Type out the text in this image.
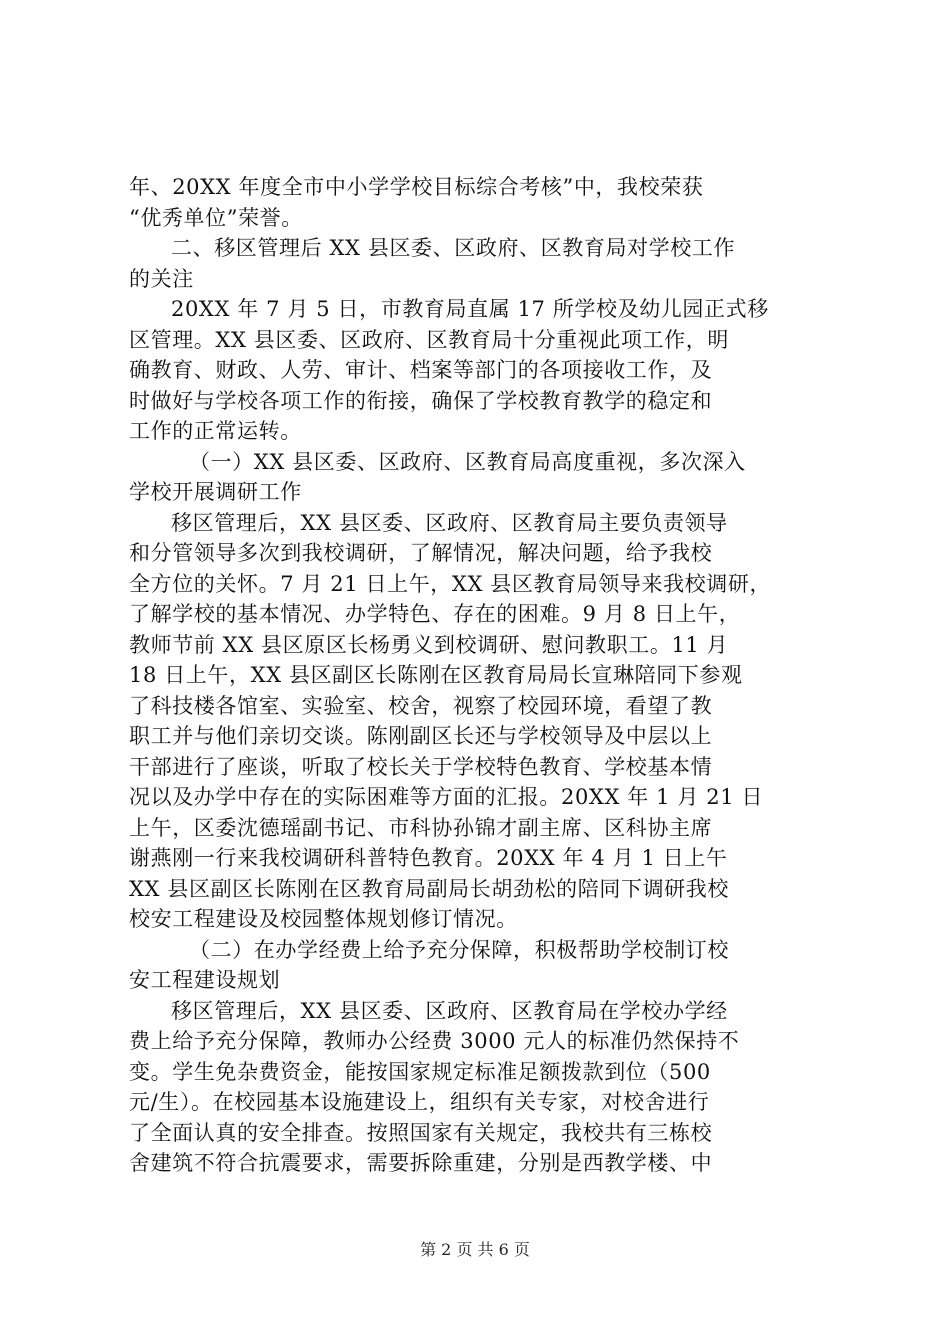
年、20XX 年度全市中小学学校目标综合考核”中，我校荣获
“优秀单位”荣誉。
二、移区管理后 XX 县区委、区政府、区教育局对学校工作
的关注
20XX 年 7 月 5 日，市教育局直属 17 所学校及幼儿园正式移
区管理。XX 县区委、区政府、区教育局十分重视此项工作，明
确教育、财政、人劳、审计、档案等部门的各项接收工作，及
时做好与学校各项工作的衔接，确保了学校教育教学的稳定和
工作的正常运转。
（一）XX 县区委、区政府、区教育局高度重视，多次深入
学校开展调研工作
移区管理后，XX 县区委、区政府、区教育局主要负责领导
和分管领导多次到我校调研，了解情况，解决问题，给予我校
全方位的关怀。7 月 21 日上午，XX 县区教育局领导来我校调研，
了解学校的基本情况、办学特色、存在的困难。9 月 8 日上午，
教师节前 XX 县区原区长杨勇义到校调研、慰问教职工。11 月
18 日上午，XX 县区副区长陈刚在区教育局局长宣琳陪同下参观
了科技楼各馆室、实验室、校舍，视察了校园环境，看望了教
职工并与他们亲切交谈。陈刚副区长还与学校领导及中层以上
干部进行了座谈，听取了校长关于学校特色教育、学校基本情
况以及办学中存在的实际困难等方面的汇报。20XX 年 1 月 21 日
上午，区委沈德瑶副书记、市科协孙锦才副主席、区科协主席
谢燕刚一行来我校调研科普特色教育。20XX 年 4 月 1 日上午
XX 县区副区长陈刚在区教育局副局长胡劲松的陪同下调研我校
校安工程建设及校园整体规划修订情况。
（二）在办学经费上给予充分保障，积极帮助学校制订校
安工程建设规划
移区管理后，XX 县区委、区政府、区教育局在学校办学经
费上给予充分保障，教师办公经费 3000 元人的标准仍然保持不
变。学生免杂费资金，能按国家规定标准足额拨款到位（500
元/生）。在校园基本设施建设上，组织有关专家，对校舍进行
了全面认真的安全排查。按照国家有关规定，我校共有三栋校
舍建筑不符合抗震要求，需要拆除重建，分别是西教学楼、中
第 2 页 共 6 页
